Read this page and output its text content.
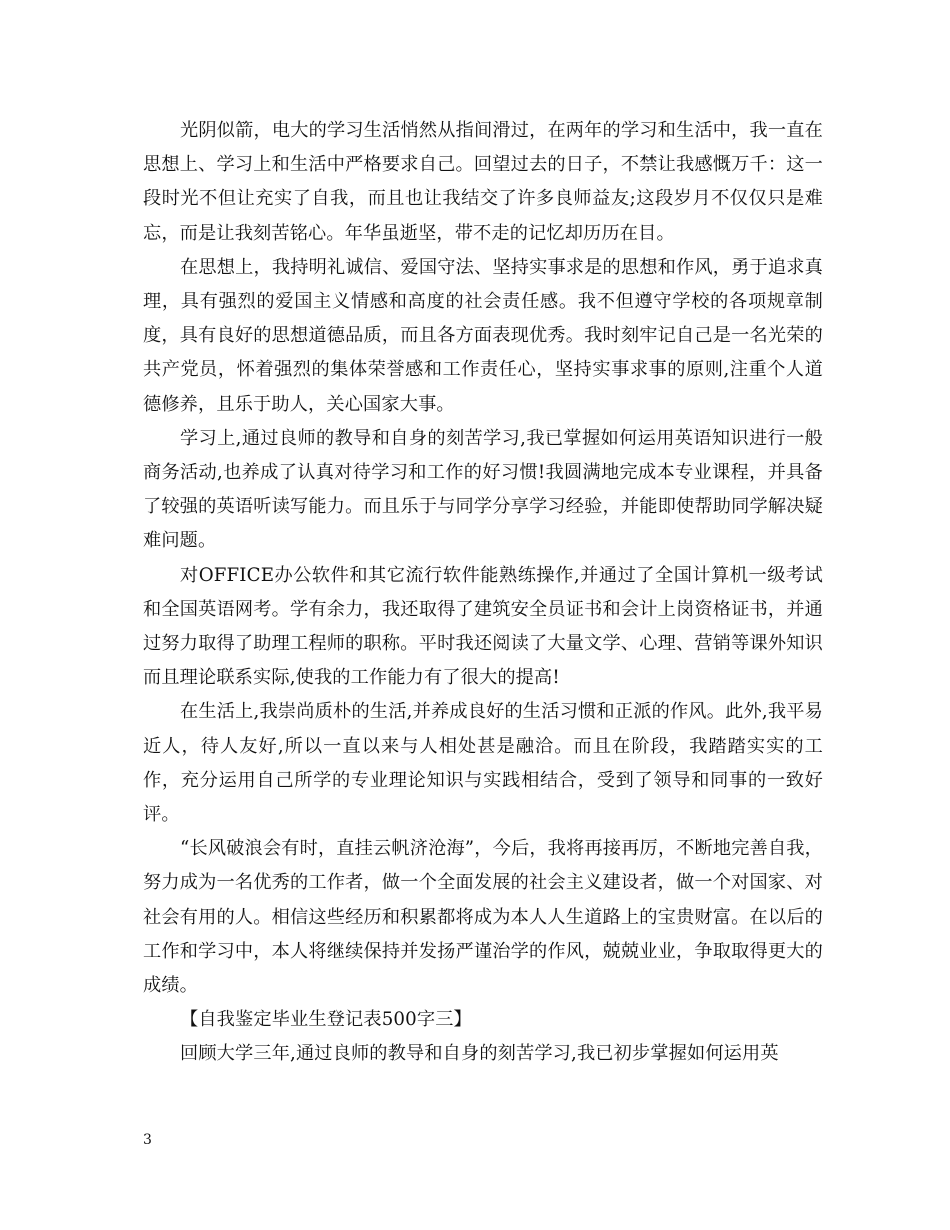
光阴似箭，电大的学习生活悄然从指间滑过，在两年的学习和生活中，我一直在思想上、学习上和生活中严格要求自己。回望过去的日子，不禁让我感慨万千：这一段时光不但让充实了自我，而且也让我结交了许多良师益友;这段岁月不仅仅只是难忘，而是让我刻苦铭心。年华虽逝坚，带不走的记忆却历历在目。

在思想上，我持明礼诚信、爱国守法、坚持实事求是的思想和作风，勇于追求真理，具有强烈的爱国主义情感和高度的社会责任感。我不但遵守学校的各项规章制度，具有良好的思想道德品质，而且各方面表现优秀。我时刻牢记自己是一名光荣的共产党员，怀着强烈的集体荣誉感和工作责任心，坚持实事求事的原则,注重个人道德修养，且乐于助人，关心国家大事。

学习上,通过良师的教导和自身的刻苦学习,我已掌握如何运用英语知识进行一般商务活动,也养成了认真对待学习和工作的好习惯!我圆满地完成本专业课程，并具备了较强的英语听读写能力。而且乐于与同学分享学习经验，并能即使帮助同学解决疑难问题。

对OFFICE办公软件和其它流行软件能熟练操作,并通过了全国计算机一级考试和全国英语网考。学有余力，我还取得了建筑安全员证书和会计上岗资格证书，并通过努力取得了助理工程师的职称。平时我还阅读了大量文学、心理、营销等课外知识而且理论联系实际,使我的工作能力有了很大的提高!

在生活上,我崇尚质朴的生活,并养成良好的生活习惯和正派的作风。此外,我平易近人，待人友好,所以一直以来与人相处甚是融洽。而且在阶段，我踏踏实实的工作，充分运用自己所学的专业理论知识与实践相结合，受到了领导和同事的一致好评。

“长风破浪会有时，直挂云帆济沧海”，今后，我将再接再厉，不断地完善自我，努力成为一名优秀的工作者，做一个全面发展的社会主义建设者，做一个对国家、对社会有用的人。相信这些经历和积累都将成为本人人生道路上的宝贵财富。在以后的工作和学习中，本人将继续保持并发扬严谨治学的作风，兢兢业业，争取取得更大的成绩。

【自我鉴定毕业生登记表500字三】

回顾大学三年,通过良师的教导和自身的刻苦学习,我已初步掌握如何运用英

3
